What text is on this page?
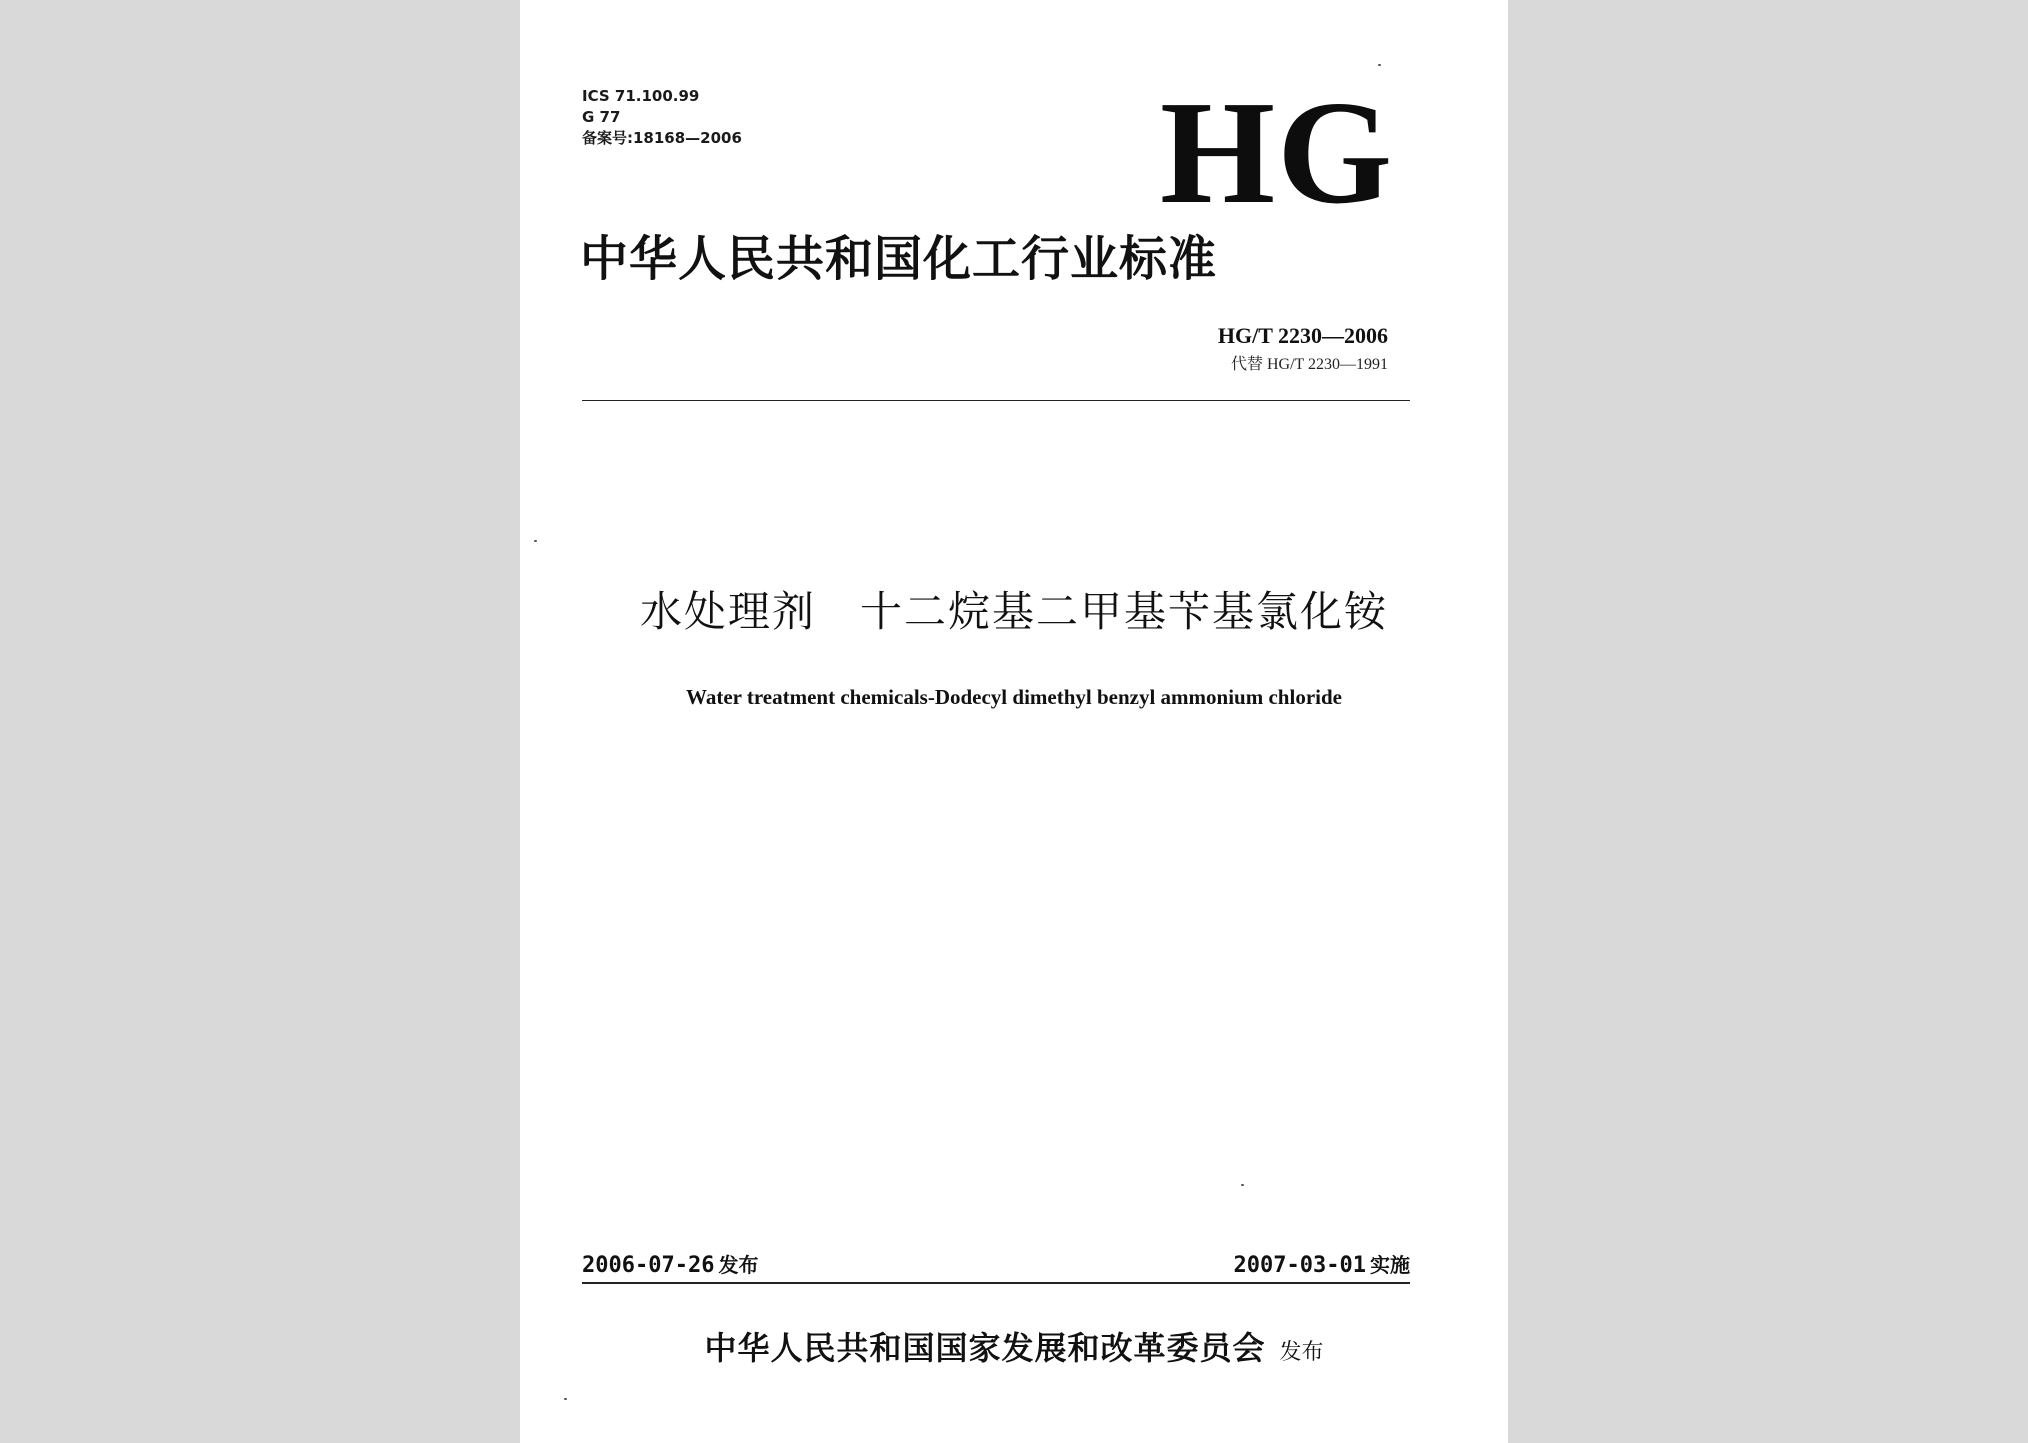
ICS 71.100.99
G 77
备案号:18168—2006	HG
中华人民共和国化工行业标准
HG/T 2230—2006
代替 HG/T 2230—1991
水处理剂 十二烷基二甲基苄基氯化铵
Water treatment chemicals-Dodecyl dimethyl benzyl ammonium chloride
2006-07-26 发布	2007-03-01 实施
中华人民共和国国家发展和改革委员会 发布
